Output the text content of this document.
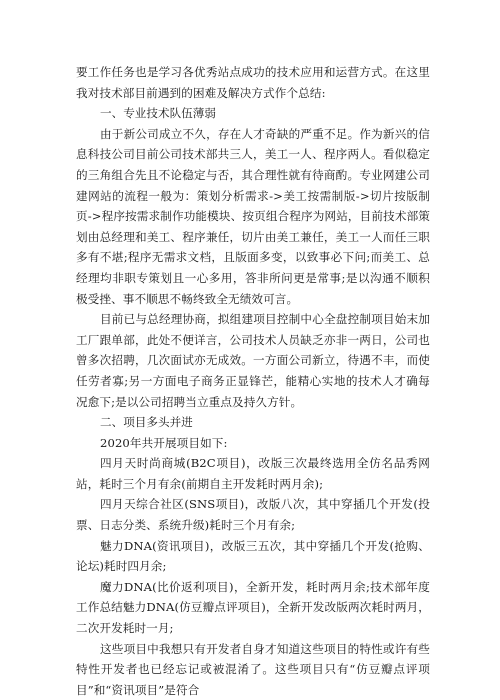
要工作任务也是学习各优秀站点成功的技术应用和运营方式。在这里我对技术部目前遇到的困难及解决方式作个总结:

一、专业技术队伍薄弱

由于新公司成立不久，存在人才奇缺的严重不足。作为新兴的信息科技公司目前公司技术部共三人，美工一人、程序两人。看似稳定的三角组合先且不论稳定与否，其合理性就有待商酌。专业网建公司建网站的流程一般为：策划分析需求->美工按需制版->切片按版制页->程序按需求制作功能模块、按页组合程序为网站，目前技术部策划由总经理和美工、程序兼任，切片由美工兼任，美工一人而任三职多有不堪;程序无需求文档，且版面多变，以致事必下问;而美工、总经理均非职专策划且一心多用，答非所问更是常事;是以沟通不顺积极受挫、事不顺思不畅终致全无绩效可言。

目前已与总经理协商，拟组建项目控制中心全盘控制项目始末加工厂跟单部，此处不便详言，公司技术人员缺乏亦非一两日，公司也曾多次招聘，几次面试亦无成效。一方面公司新立，待遇不丰，而使任劳者寡;另一方面电子商务正显锋芒，能精心实地的技术人才确每况愈下;是以公司招聘当立重点及持久方针。

二、项目多头并进

2020年共开展项目如下:

四月天时尚商城(B2C项目)，改版三次最终选用全仿名品秀网站，耗时三个月有余(前期自主开发耗时两月余);

四月天综合社区(SNS项目)，改版八次，其中穿插几个开发(投票、日志分类、系统升级)耗时三个月有余;

魅力DNA(资讯项目)，改版三五次，其中穿插几个开发(抢购、论坛)耗时四月余;

魔力DNA(比价返利项目)，全新开发，耗时两月余;技术部年度工作总结魅力DNA(仿豆瓣点评项目)，全新开发改版两次耗时两月，二次开发耗时一月;

这些项目中我想只有开发者自身才知道这些项目的特性或许有些特性开发者也已经忘记或被混淆了。这些项目只有“仿豆瓣点评项目”和“资讯项目”是符合
